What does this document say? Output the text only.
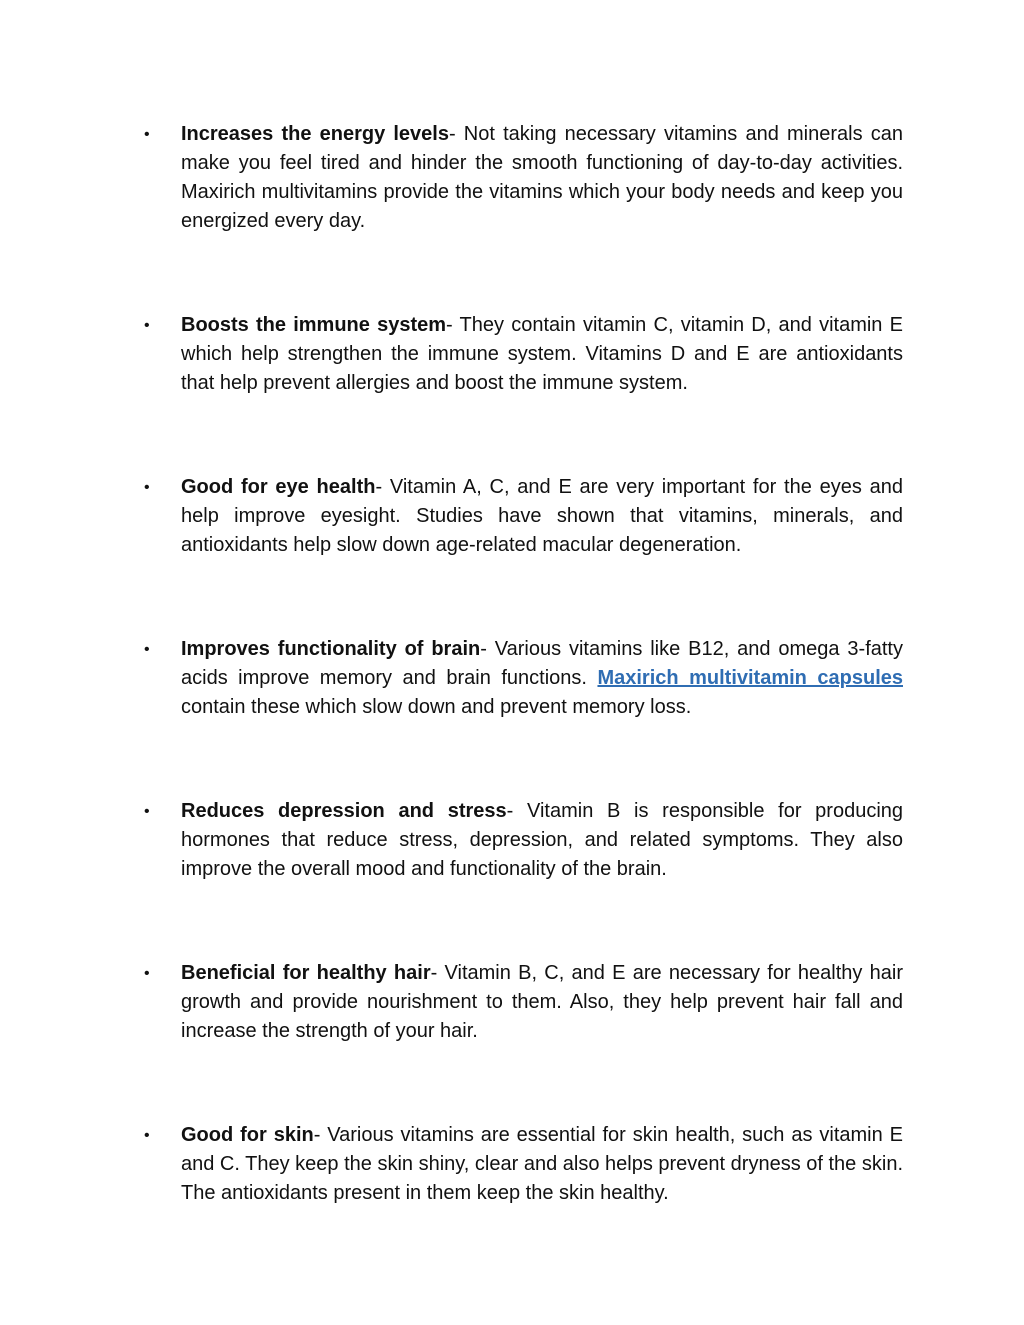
•	Increases the energy levels- Not taking necessary vitamins and minerals can make you feel tired and hinder the smooth functioning of day-to-day activities. Maxirich multivitamins provide the vitamins which your body needs and keep you energized every day.
•	Boosts the immune system- They contain vitamin C, vitamin D, and vitamin E which help strengthen the immune system. Vitamins D and E are antioxidants that help prevent allergies and boost the immune system.
•	Good for eye health- Vitamin A, C, and E are very important for the eyes and help improve eyesight. Studies have shown that vitamins, minerals, and antioxidants help slow down age-related macular degeneration.
•	Improves functionality of brain- Various vitamins like B12, and omega 3-fatty acids improve memory and brain functions. Maxirich multivitamin capsules contain these which slow down and prevent memory loss.
•	Reduces depression and stress- Vitamin B is responsible for producing hormones that reduce stress, depression, and related symptoms. They also improve the overall mood and functionality of the brain.
•	Beneficial for healthy hair- Vitamin B, C, and E are necessary for healthy hair growth and provide nourishment to them. Also, they help prevent hair fall and increase the strength of your hair.
•	Good for skin- Various vitamins are essential for skin health, such as vitamin E and C. They keep the skin shiny, clear and also helps prevent dryness of the skin. The antioxidants present in them keep the skin healthy.
